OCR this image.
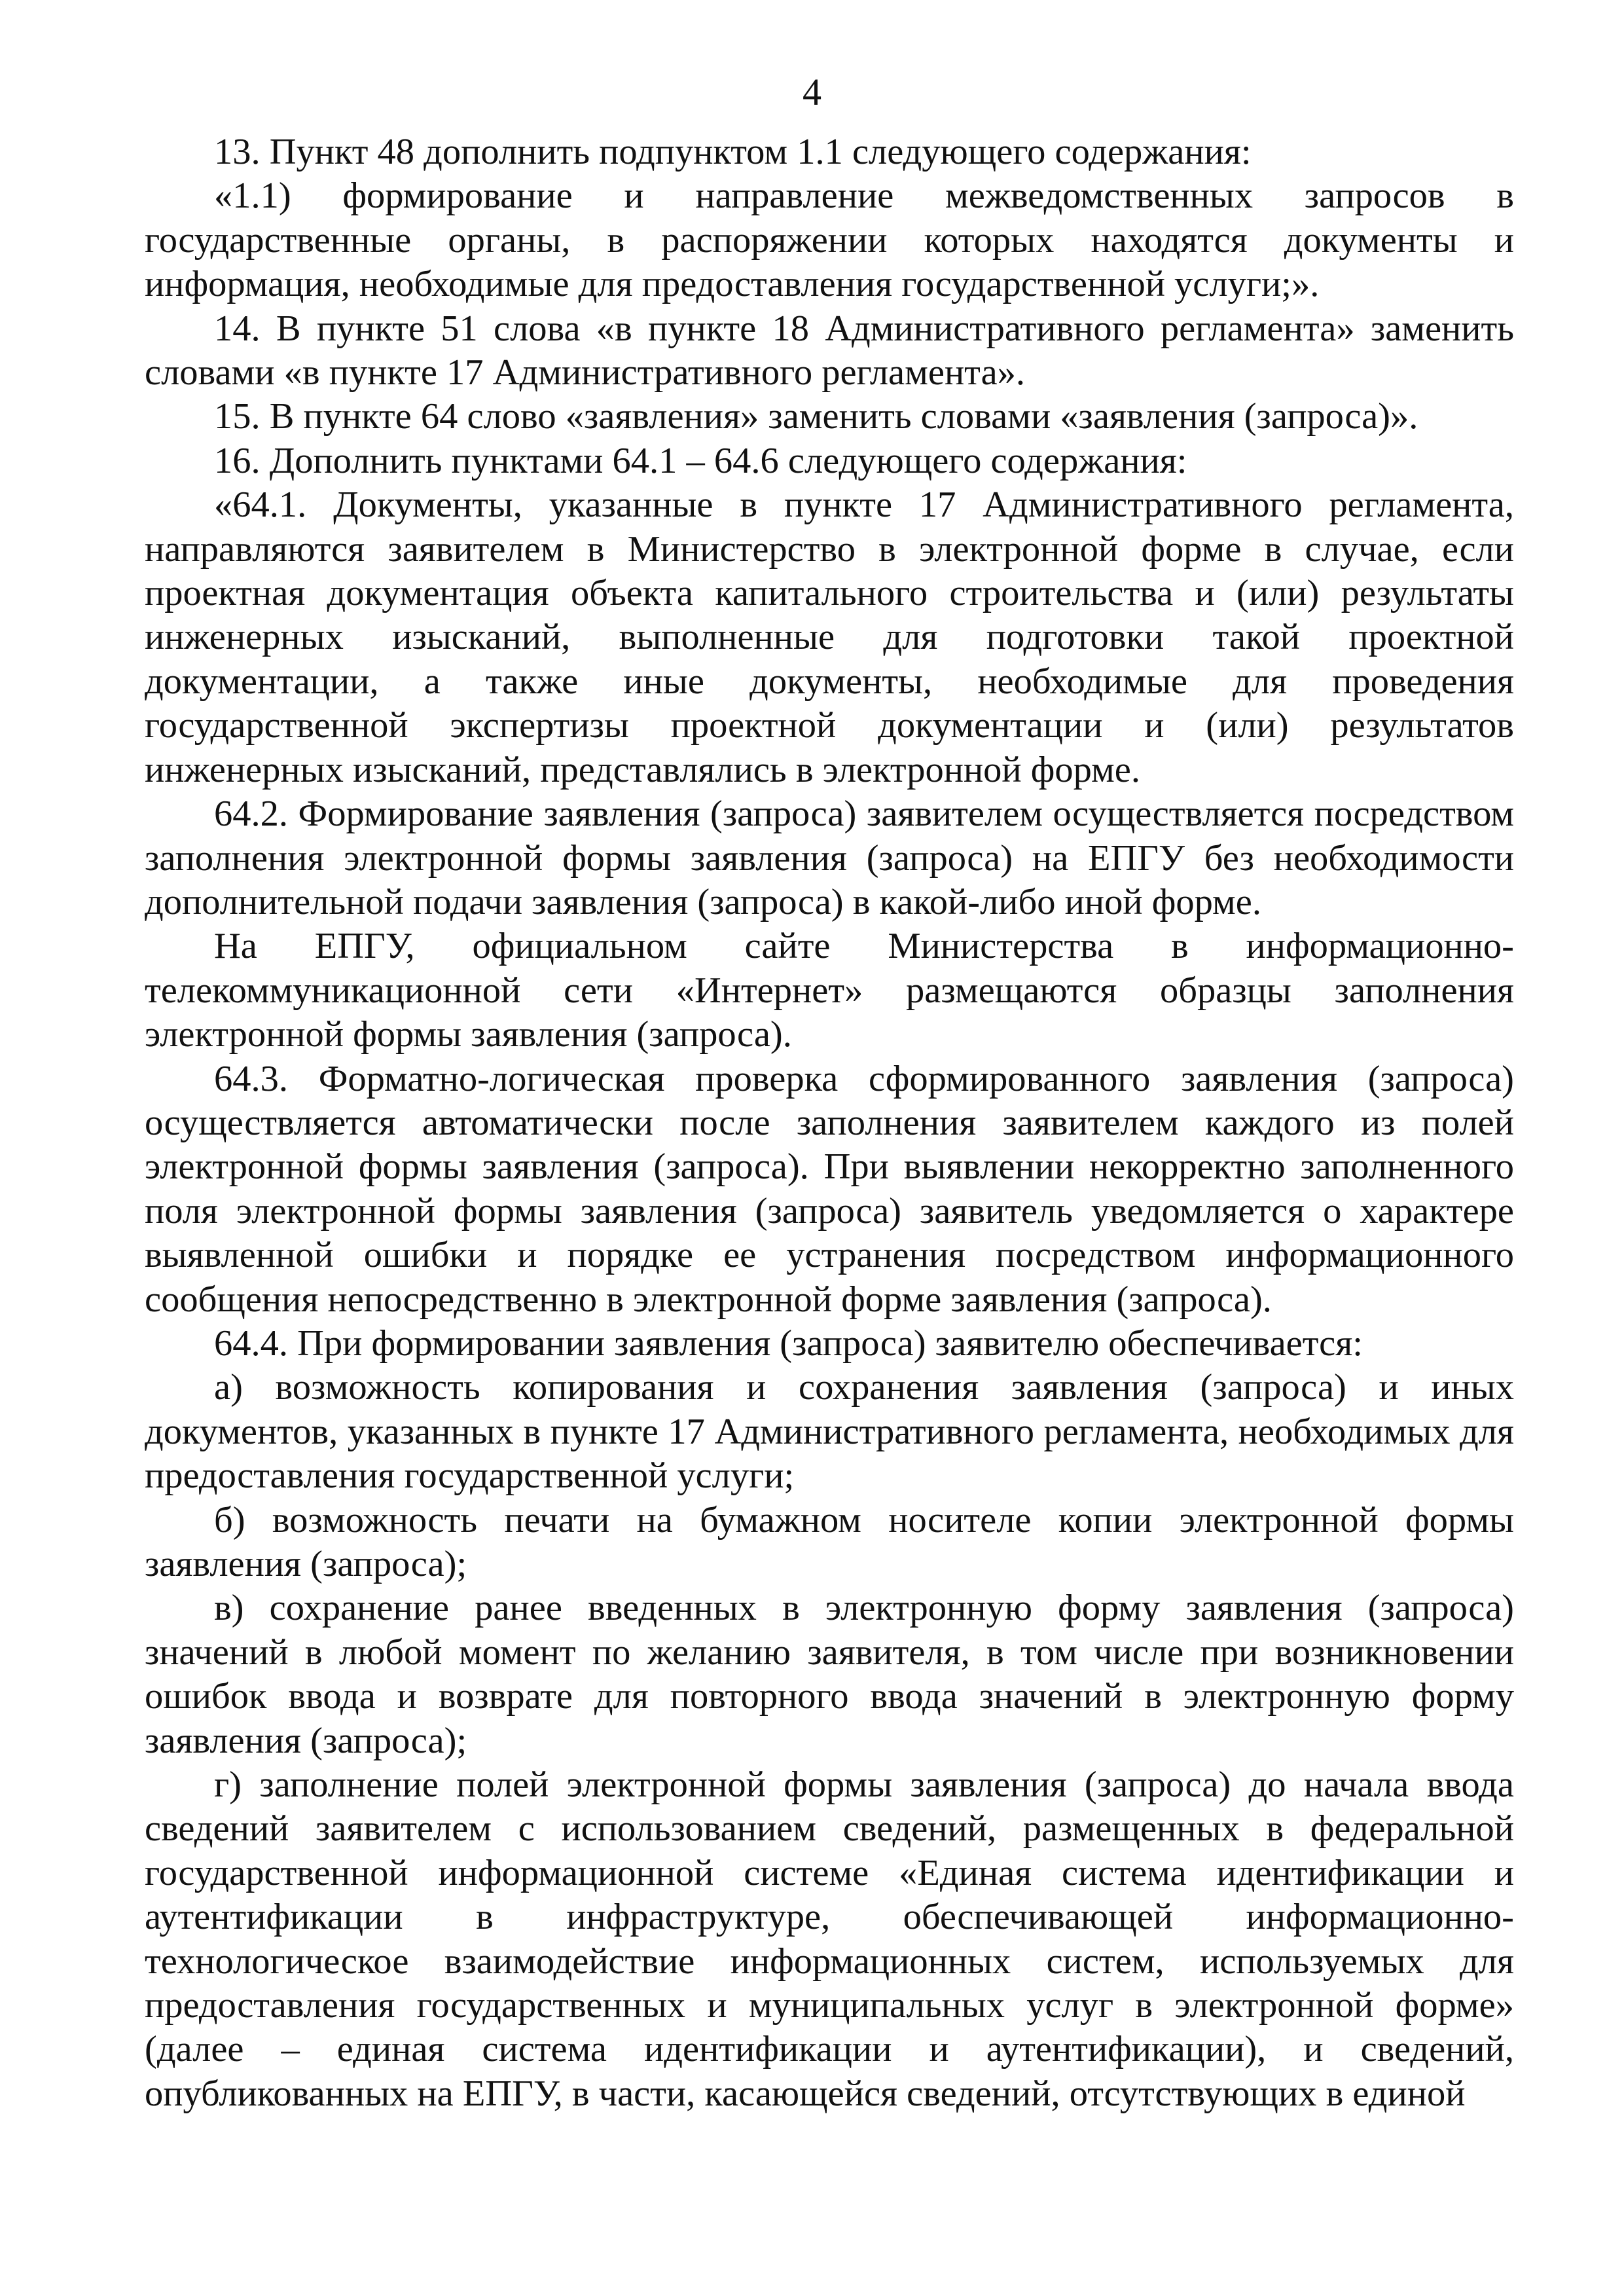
4

13. Пункт 48 дополнить подпунктом 1.1 следующего содержания:

«1.1) формирование и направление межведомственных запросов в государственные органы, в распоряжении которых находятся документы и информация, необходимые для предоставления государственной услуги;».

14. В пункте 51 слова «в пункте 18 Административного регламента» заменить словами «в пункте 17 Административного регламента».

15. В пункте 64 слово «заявления» заменить словами «заявления (запроса)».

16. Дополнить пунктами 64.1 – 64.6 следующего содержания:

«64.1. Документы, указанные в пункте 17 Административного регламента, направляются заявителем в Министерство в электронной форме в случае, если проектная документация объекта капитального строительства и (или) результаты инженерных изысканий, выполненные для подготовки такой проектной документации, а также иные документы, необходимые для проведения государственной экспертизы проектной документации и (или) результатов инженерных изысканий, представлялись в электронной форме.

64.2. Формирование заявления (запроса) заявителем осуществляется посредством заполнения электронной формы заявления (запроса) на ЕПГУ без необходимости дополнительной подачи заявления (запроса) в какой-либо иной форме.

На ЕПГУ, официальном сайте Министерства в информационно-телекоммуникационной сети «Интернет» размещаются образцы заполнения электронной формы заявления (запроса).

64.3. Форматно-логическая проверка сформированного заявления (запроса) осуществляется автоматически после заполнения заявителем каждого из полей электронной формы заявления (запроса). При выявлении некорректно заполненного поля электронной формы заявления (запроса) заявитель уведомляется о характере выявленной ошибки и порядке ее устранения посредством информационного сообщения непосредственно в электронной форме заявления (запроса).

64.4. При формировании заявления (запроса) заявителю обеспечивается:

а) возможность копирования и сохранения заявления (запроса) и иных документов, указанных в пункте 17 Административного регламента, необходимых для предоставления государственной услуги;

б) возможность печати на бумажном носителе копии электронной формы заявления (запроса);

в) сохранение ранее введенных в электронную форму заявления (запроса) значений в любой момент по желанию заявителя, в том числе при возникновении ошибок ввода и возврате для повторного ввода значений в электронную форму заявления (запроса);

г) заполнение полей электронной формы заявления (запроса) до начала ввода сведений заявителем с использованием сведений, размещенных в федеральной государственной информационной системе «Единая система идентификации и аутентификации в инфраструктуре, обеспечивающей информационно-технологическое взаимодействие информационных систем, используемых для предоставления государственных и муниципальных услуг в электронной форме» (далее – единая система идентификации и аутентификации), и сведений, опубликованных на ЕПГУ, в части, касающейся сведений, отсутствующих в единой
